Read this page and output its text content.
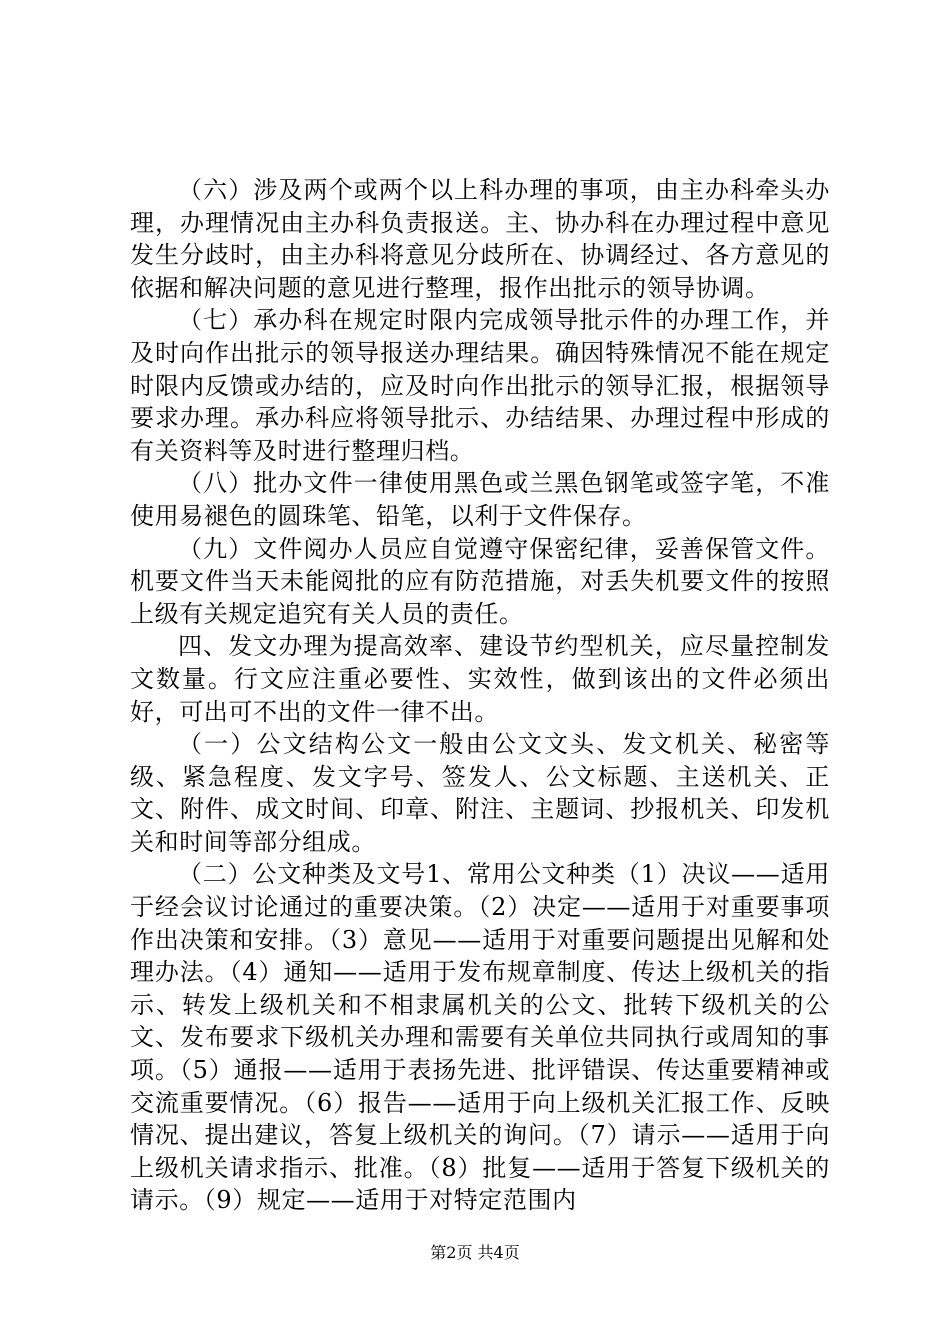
（六）涉及两个或两个以上科办理的事项，由主办科牵头办理，办理情况由主办科负责报送。主、协办科在办理过程中意见发生分歧时，由主办科将意见分歧所在、协调经过、各方意见的依据和解决问题的意见进行整理，报作出批示的领导协调。

（七）承办科在规定时限内完成领导批示件的办理工作，并及时向作出批示的领导报送办理结果。确因特殊情况不能在规定时限内反馈或办结的，应及时向作出批示的领导汇报，根据领导要求办理。承办科应将领导批示、办结结果、办理过程中形成的有关资料等及时进行整理归档。

（八）批办文件一律使用黑色或兰黑色钢笔或签字笔，不准使用易褪色的圆珠笔、铅笔，以利于文件保存。

（九）文件阅办人员应自觉遵守保密纪律，妥善保管文件。机要文件当天未能阅批的应有防范措施，对丢失机要文件的按照上级有关规定追究有关人员的责任。

四、发文办理为提高效率、建设节约型机关，应尽量控制发文数量。行文应注重必要性、实效性，做到该出的文件必须出好，可出可不出的文件一律不出。

（一）公文结构公文一般由公文文头、发文机关、秘密等级、紧急程度、发文字号、签发人、公文标题、主送机关、正文、附件、成文时间、印章、附注、主题词、抄报机关、印发机关和时间等部分组成。

（二）公文种类及文号1、常用公文种类（1）决议——适用于经会议讨论通过的重要决策。（2）决定——适用于对重要事项作出决策和安排。（3）意见——适用于对重要问题提出见解和处理办法。（4）通知——适用于发布规章制度、传达上级机关的指示、转发上级机关和不相隶属机关的公文、批转下级机关的公文、发布要求下级机关办理和需要有关单位共同执行或周知的事项。（5）通报——适用于表扬先进、批评错误、传达重要精神或交流重要情况。（6）报告——适用于向上级机关汇报工作、反映情况、提出建议，答复上级机关的询问。（7）请示——适用于向上级机关请求指示、批准。（8）批复——适用于答复下级机关的请示。（9）规定——适用于对特定范围内

第2页 共4页
